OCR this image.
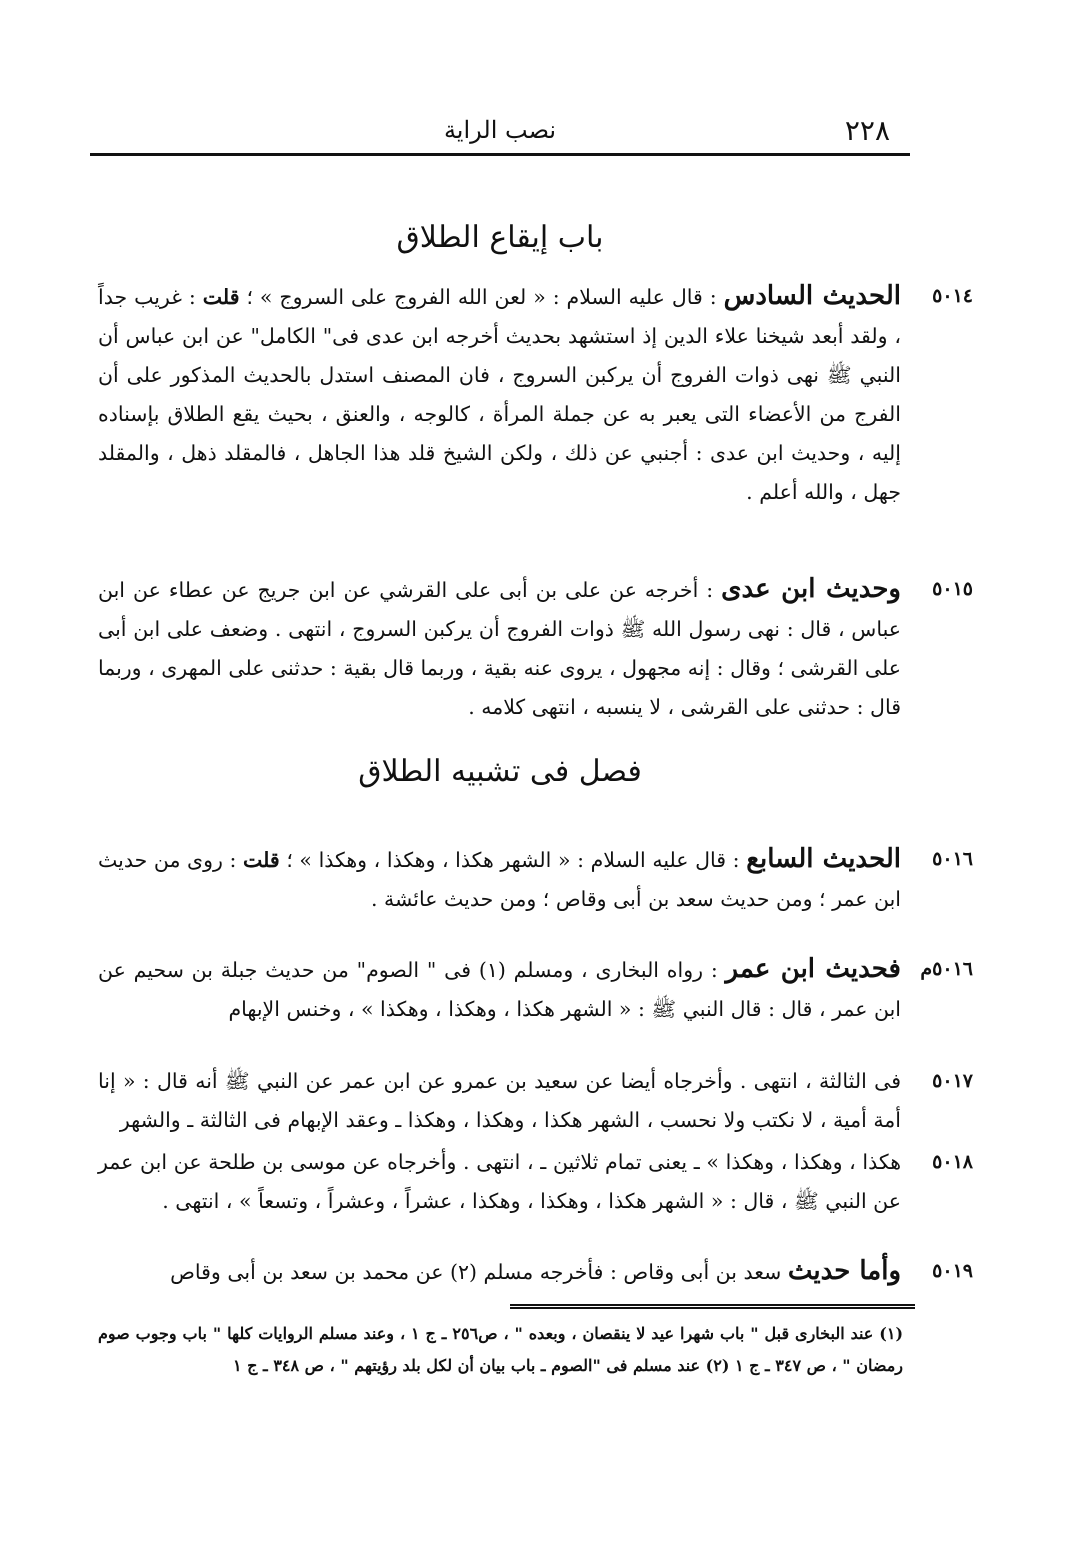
٢٢٨
نصب الراية
باب إيقاع الطلاق
٥٠١٤
الحديث السادس : قال عليه السلام : « لعن الله الفروج على السروج » ؛ قلت : غريب جداً ، ولقد أبعد شيخنا علاء الدين إذ استشهد بحديث أخرجه ابن عدى فى" الكامل" عن ابن عباس أن النبي ﷺ نهى ذوات الفروج أن يركبن السروج ، فان المصنف استدل بالحديث المذكور على أن الفرج من الأعضاء التى يعبر به عن جملة المرأة ، كالوجه ، والعنق ، بحيث يقع الطلاق بإسناده إليه ، وحديث ابن عدى : أجنبي عن ذلك ، ولكن الشيخ قلد هذا الجاهل ، فالمقلد ذهل ، والمقلد جهل ، والله أعلم .
٥٠١٥
وحديث ابن عدى : أخرجه عن على بن أبى على القرشي عن ابن جريج عن عطاء عن ابن عباس ، قال : نهى رسول الله ﷺ ذوات الفروج أن يركبن السروج ، انتهى . وضعف على ابن أبى على القرشى ؛ وقال : إنه مجهول ، يروى عنه بقية ، وربما قال بقية : حدثنى على المهرى ، وربما قال : حدثنى على القرشى ، لا ينسبه ، انتهى كلامه .
فصل فى تشبيه الطلاق
٥٠١٦
الحديث السابع : قال عليه السلام : « الشهر هكذا ، وهكذا ، وهكذا » ؛ قلت : روى من حديث ابن عمر ؛ ومن حديث سعد بن أبى وقاص ؛ ومن حديث عائشة .
٥٠١٦م
فحديث ابن عمر : رواه البخارى ، ومسلم (١) فى " الصوم" من حديث جبلة بن سحيم عن ابن عمر ، قال : قال النبي ﷺ : « الشهر هكذا ، وهكذا ، وهكذا » ، وخنس الإبهام
٥٠١٧
فى الثالثة ، انتهى . وأخرجاه أيضا عن سعيد بن عمرو عن ابن عمر عن النبي ﷺ أنه قال : « إنا أمة أمية ، لا نكتب ولا نحسب ، الشهر هكذا ، وهكذا ، وهكذا ـ وعقد الإبهام فى الثالثة ـ والشهر
٥٠١٨
هكذا ، وهكذا ، وهكذا » ـ يعنى تمام ثلاثين ـ ، انتهى . وأخرجاه عن موسى بن طلحة عن ابن عمر عن النبي ﷺ ، قال : « الشهر هكذا ، وهكذا ، وهكذا ، عشراً ، وعشراً ، وتسعاً » ، انتهى .
٥٠١٩
وأما حديث سعد بن أبى وقاص : فأخرجه مسلم (٢) عن محمد بن سعد بن أبى وقاص
(١) عند البخارى قبل " باب شهرا عيد لا ينقصان ، وبعده " ، ص٢٥٦ ـ ج ١ ، وعند مسلم الروايات كلها " باب وجوب صوم رمضان " ، ص ٣٤٧ ـ ج ١ (٢) عند مسلم فى "الصوم ـ باب بيان أن لكل بلد رؤيتهم " ، ص ٣٤٨ ـ ج ١
